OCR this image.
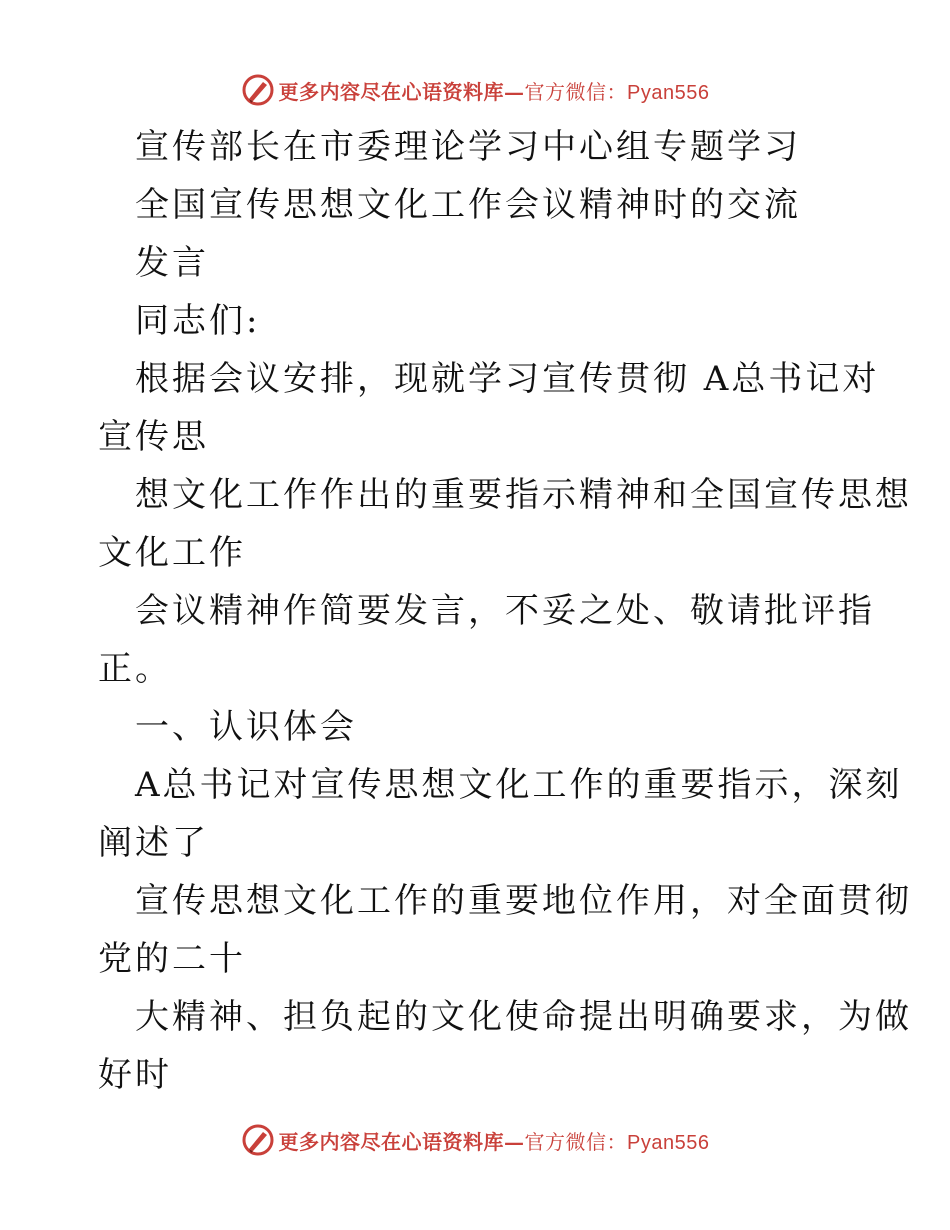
更多内容尽在心语资料库—官方微信：Pyan556
宣传部长在市委理论学习中心组专题学习
全国宣传思想文化工作会议精神时的交流
发言
同志们:
根据会议安排，现就学习宣传贯彻 A总书记对
宣传思
想文化工作作出的重要指示精神和全国宣传思想
文化工作
会议精神作简要发言，不妥之处、敬请批评指
正。
一、认识体会
A总书记对宣传思想文化工作的重要指示，深刻
阐述了
宣传思想文化工作的重要地位作用，对全面贯彻
党的二十
大精神、担负起的文化使命提出明确要求，为做
好时
更多内容尽在心语资料库—官方微信：Pyan556
